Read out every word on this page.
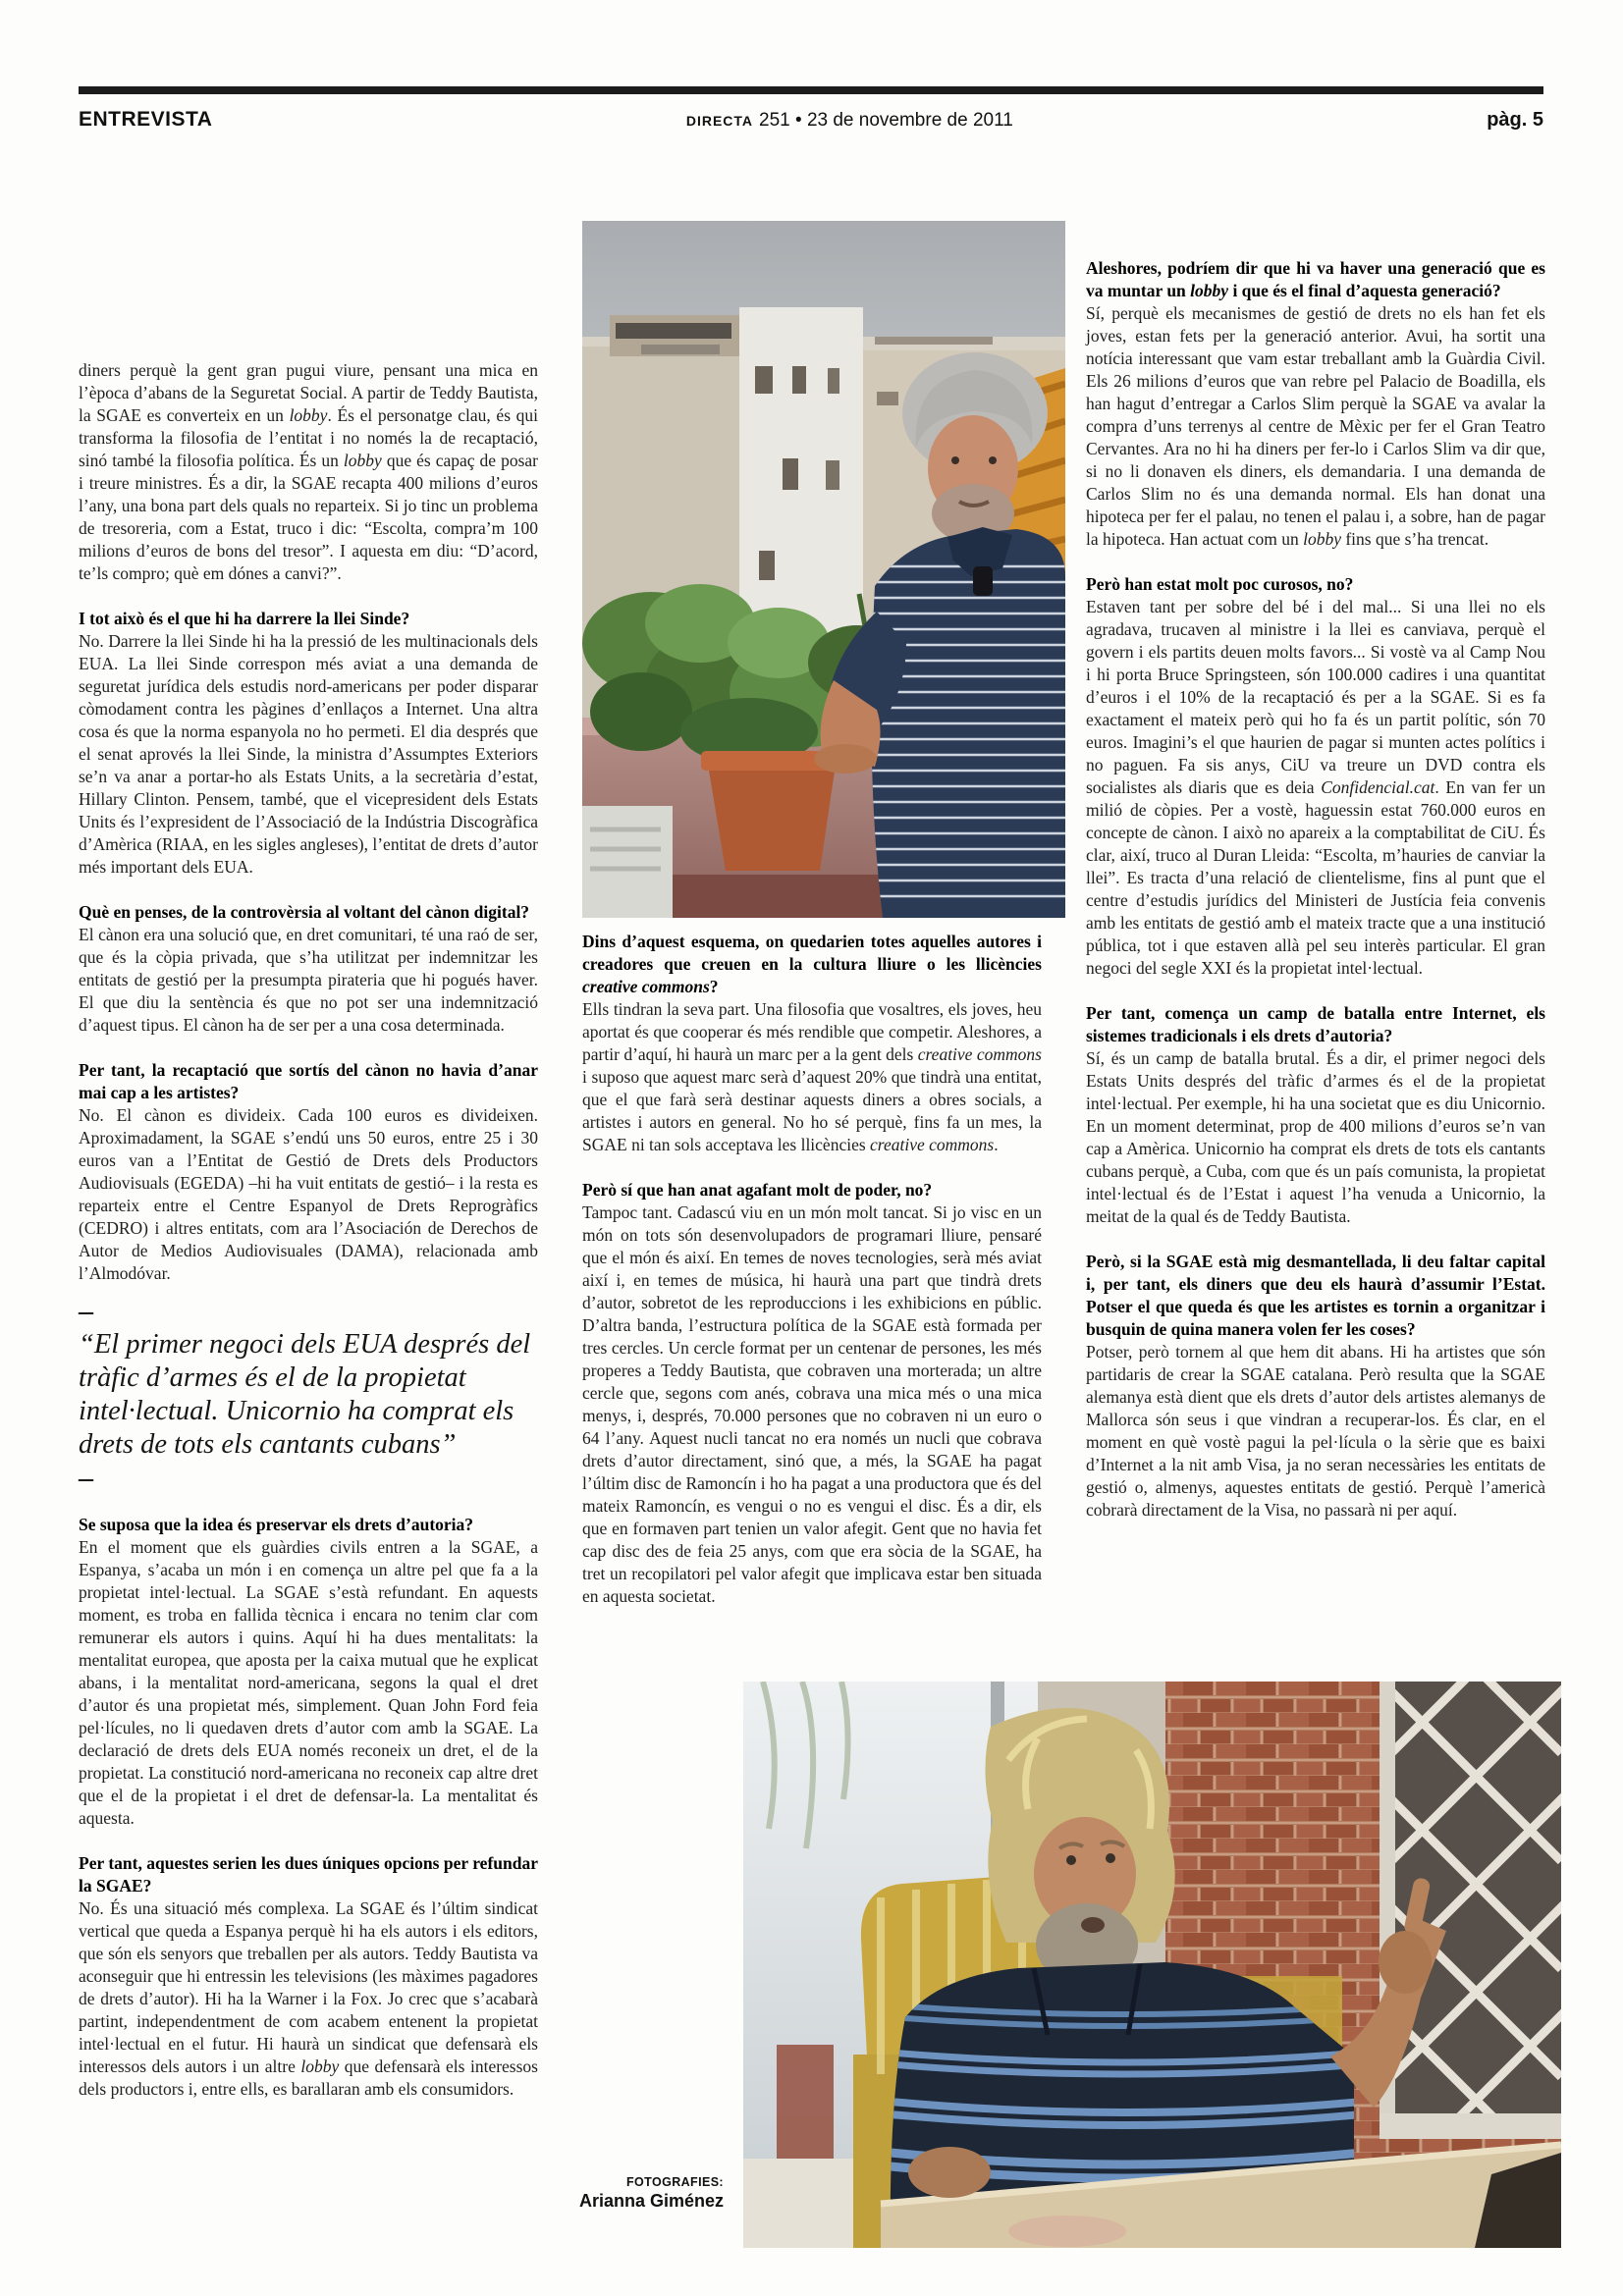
ENTREVISTA	DIRECTA 251 • 23 de novembre de 2011	pàg. 5

diners perquè la gent gran pugui viure, pensant una mica en l’època d’abans de la Seguretat Social. A partir de Teddy Bautista, la SGAE es converteix en un lobby. És el personatge clau, és qui transforma la filosofia de l’entitat i no només la de recaptació, sinó també la filosofia política. És un lobby que és capaç de posar i treure ministres. És a dir, la SGAE recapta 400 milions d’euros l’any, una bona part dels quals no reparteix. Si jo tinc un problema de tresoreria, com a Estat, truco i dic: “Escolta, compra’m 100 milions d’euros de bons del tresor”. I aquesta em diu: “D’acord, te’ls compro; què em dónes a canvi?”.

I tot això és el que hi ha darrere la llei Sinde?

No. Darrere la llei Sinde hi ha la pressió de les multinacionals dels EUA. La llei Sinde correspon més aviat a una demanda de seguretat jurídica dels estudis nord-americans per poder disparar còmodament contra les pàgines d’enllaços a Internet. Una altra cosa és que la norma espanyola no ho permeti. El dia després que el senat aprovés la llei Sinde, la ministra d’Assumptes Exteriors se’n va anar a portar-ho als Estats Units, a la secretària d’estat, Hillary Clinton. Pensem, també, que el vicepresident dels Estats Units és l’expresident de l’Associació de la Indústria Discogràfica d’Amèrica (RIAA, en les sigles angleses), l’entitat de drets d’autor més important dels EUA.

Què en penses, de la controvèrsia al voltant del cànon digital?

El cànon era una solució que, en dret comunitari, té una raó de ser, que és la còpia privada, que s’ha utilitzat per indemnitzar les entitats de gestió per la presumpta pirateria que hi pogués haver. El que diu la sentència és que no pot ser una indemnització d’aquest tipus. El cànon ha de ser per a una cosa determinada.

Per tant, la recaptació que sortís del cànon no havia d’anar mai cap a les artistes?

No. El cànon es divideix. Cada 100 euros es divideixen. Aproximadament, la SGAE s’endú uns 50 euros, entre 25 i 30 euros van a l’Entitat de Gestió de Drets dels Productors Audiovisuals (EGEDA) –hi ha vuit entitats de gestió– i la resta es reparteix entre el Centre Espanyol de Drets Reprogràfics (CEDRO) i altres entitats, com ara l’Asociación de Derechos de Autor de Medios Audiovisuales (DAMA), relacionada amb l’Almodóvar.

–
“El primer negoci dels EUA després del tràfic d’armes és el de la propietat intel·lectual. Unicornio ha comprat els drets de tots els cantants cubans”
–

Se suposa que la idea és preservar els drets d’autoria?

En el moment que els guàrdies civils entren a la SGAE, a Espanya, s’acaba un món i en comença un altre pel que fa a la propietat intel·lectual. La SGAE s’està refundant. En aquests moment, es troba en fallida tècnica i encara no tenim clar com remunerar els autors i quins. Aquí hi ha dues mentalitats: la mentalitat europea, que aposta per la caixa mutual que he explicat abans, i la mentalitat nord-americana, segons la qual el dret d’autor és una propietat més, simplement. Quan John Ford feia pel·lícules, no li quedaven drets d’autor com amb la SGAE. La declaració de drets dels EUA només reconeix un dret, el de la propietat. La constitució nord-americana no reconeix cap altre dret que el de la propietat i el dret de defensar-la. La mentalitat és aquesta.

Per tant, aquestes serien les dues úniques opcions per refundar la SGAE?

No. És una situació més complexa. La SGAE és l’últim sindicat vertical que queda a Espanya perquè hi ha els autors i els editors, que són els senyors que treballen per als autors. Teddy Bautista va aconseguir que hi entressin les televisions (les màximes pagadores de drets d’autor). Hi ha la Warner i la Fox. Jo crec que s’acabarà partint, independentment de com acabem entenent la propietat intel·lectual en el futur. Hi haurà un sindicat que defensarà els interessos dels autors i un altre lobby que defensarà els interessos dels productors i, entre ells, es barallaran amb els consumidors.

Dins d’aquest esquema, on quedarien totes aquelles autores i creadores que creuen en la cultura lliure o les llicències creative commons?

Ells tindran la seva part. Una filosofia que vosaltres, els joves, heu aportat és que cooperar és més rendible que competir. Aleshores, a partir d’aquí, hi haurà un marc per a la gent dels creative commons i suposo que aquest marc serà d’aquest 20% que tindrà una entitat, que el que farà serà destinar aquests diners a obres socials, a artistes i autors en general. No ho sé perquè, fins fa un mes, la SGAE ni tan sols acceptava les llicències creative commons.

Però sí que han anat agafant molt de poder, no?

Tampoc tant. Cadascú viu en un món molt tancat. Si jo visc en un món on tots són desenvolupadors de programari lliure, pensaré que el món és així. En temes de noves tecnologies, serà més aviat així i, en temes de música, hi haurà una part que tindrà drets d’autor, sobretot de les reproduccions i les exhibicions en públic. D’altra banda, l’estructura política de la SGAE està formada per tres cercles. Un cercle format per un centenar de persones, les més properes a Teddy Bautista, que cobraven una morterada; un altre cercle que, segons com anés, cobrava una mica més o una mica menys, i, després, 70.000 persones que no cobraven ni un euro o 64 l’any. Aquest nucli tancat no era només un nucli que cobrava drets d’autor directament, sinó que, a més, la SGAE ha pagat l’últim disc de Ramoncín i ho ha pagat a una productora que és del mateix Ramoncín, es vengui o no es vengui el disc. És a dir, els que en formaven part tenien un valor afegit. Gent que no havia fet cap disc des de feia 25 anys, com que era sòcia de la SGAE, ha tret un recopilatori pel valor afegit que implicava estar ben situada en aquesta societat.

Aleshores, podríem dir que hi va haver una generació que es va muntar un lobby i que és el final d’aquesta generació?

Sí, perquè els mecanismes de gestió de drets no els han fet els joves, estan fets per la generació anterior. Avui, ha sortit una notícia interessant que vam estar treballant amb la Guàrdia Civil. Els 26 milions d’euros que van rebre pel Palacio de Boadilla, els han hagut d’entregar a Carlos Slim perquè la SGAE va avalar la compra d’uns terrenys al centre de Mèxic per fer el Gran Teatro Cervantes. Ara no hi ha diners per fer-lo i Carlos Slim va dir que, si no li donaven els diners, els demandaria. I una demanda de Carlos Slim no és una demanda normal. Els han donat una hipoteca per fer el palau, no tenen el palau i, a sobre, han de pagar la hipoteca. Han actuat com un lobby fins que s’ha trencat.

Però han estat molt poc curosos, no?

Estaven tant per sobre del bé i del mal... Si una llei no els agradava, trucaven al ministre i la llei es canviava, perquè el govern i els partits deuen molts favors... Si vostè va al Camp Nou i hi porta Bruce Springsteen, són 100.000 cadires i una quantitat d’euros i el 10% de la recaptació és per a la SGAE. Si es fa exactament el mateix però qui ho fa és un partit polític, són 70 euros. Imagini’s el que haurien de pagar si munten actes polítics i no paguen. Fa sis anys, CiU va treure un DVD contra els socialistes als diaris que es deia Confidencial.cat. En van fer un milió de còpies. Per a vostè, haguessin estat 760.000 euros en concepte de cànon. I això no apareix a la comptabilitat de CiU. És clar, així, truco al Duran Lleida: “Escolta, m’hauries de canviar la llei”. Es tracta d’una relació de clientelisme, fins al punt que el centre d’estudis jurídics del Ministeri de Justícia feia convenis amb les entitats de gestió amb el mateix tracte que a una institució pública, tot i que estaven allà pel seu interès particular. El gran negoci del segle XXI és la propietat intel·lectual.

Per tant, comença un camp de batalla entre Internet, els sistemes tradicionals i els drets d’autoria?

Sí, és un camp de batalla brutal. És a dir, el primer negoci dels Estats Units després del tràfic d’armes és el de la propietat intel·lectual. Per exemple, hi ha una societat que es diu Unicornio. En un moment determinat, prop de 400 milions d’euros se’n van cap a Amèrica. Unicornio ha comprat els drets de tots els cantants cubans perquè, a Cuba, com que és un país comunista, la propietat intel·lectual és de l’Estat i aquest l’ha venuda a Unicornio, la meitat de la qual és de Teddy Bautista.

Però, si la SGAE està mig desmantellada, li deu faltar capital i, per tant, els diners que deu els haurà d’assumir l’Estat. Potser el que queda és que les artistes es tornin a organitzar i busquin de quina manera volen fer les coses?

Potser, però tornem al que hem dit abans. Hi ha artistes que són partidaris de crear la SGAE catalana. Però resulta que la SGAE alemanya està dient que els drets d’autor dels artistes alemanys de Mallorca són seus i que vindran a recuperar-los. És clar, en el moment en què vostè pagui la pel·lícula o la sèrie que es baixi d’Internet a la nit amb Visa, ja no seran necessàries les entitats de gestió o, almenys, aquestes entitats de gestió. Perquè l’americà cobrarà directament de la Visa, no passarà ni per aquí.

FOTOGRAFIES:
Arianna Giménez
